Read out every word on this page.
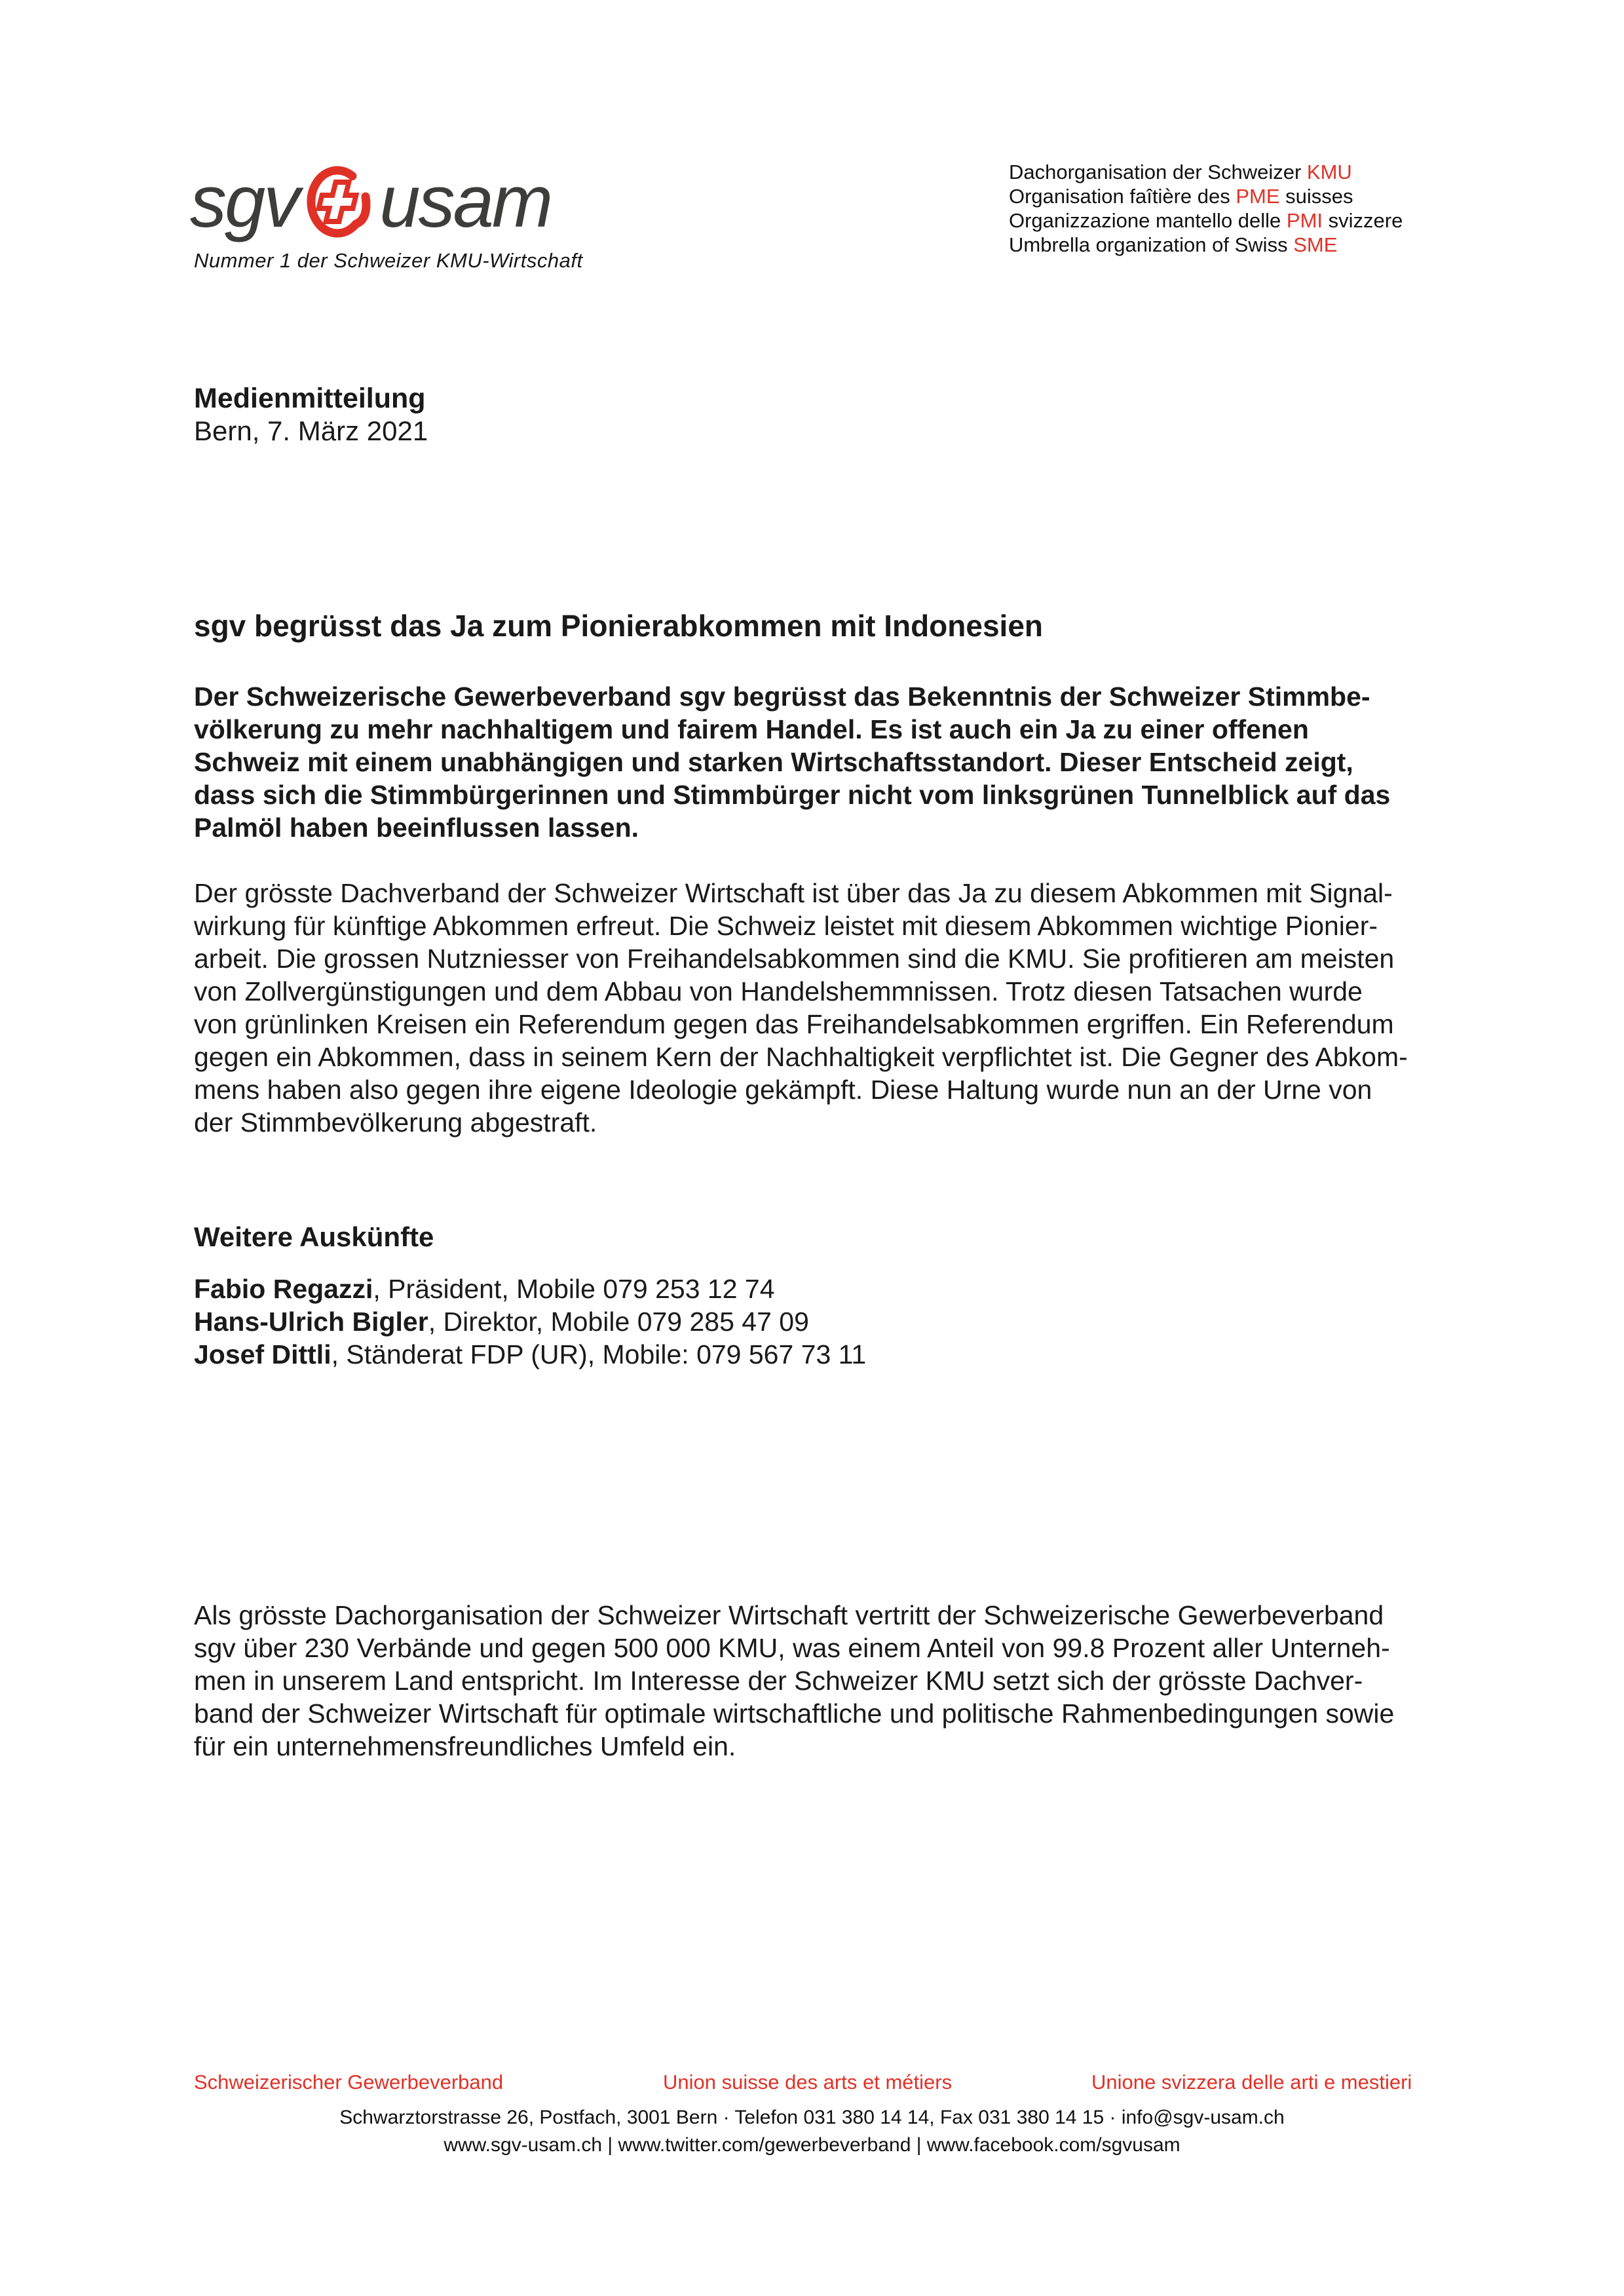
sgv usam
Nummer 1 der Schweizer KMU-Wirtschaft
Dachorganisation der Schweizer KMU
Organisation faîtière des PME suisses
Organizzazione mantello delle PMI svizzere
Umbrella organization of Swiss SME
Medienmitteilung
Bern, 7. März 2021
sgv begrüsst das Ja zum Pionierabkommen mit Indonesien
Der Schweizerische Gewerbeverband sgv begrüsst das Bekenntnis der Schweizer Stimmbe-
völkerung zu mehr nachhaltigem und fairem Handel. Es ist auch ein Ja zu einer offenen
Schweiz mit einem unabhängigen und starken Wirtschaftsstandort. Dieser Entscheid zeigt,
dass sich die Stimmbürgerinnen und Stimmbürger nicht vom linksgrünen Tunnelblick auf das
Palmöl haben beeinflussen lassen.
Der grösste Dachverband der Schweizer Wirtschaft ist über das Ja zu diesem Abkommen mit Signal-
wirkung für künftige Abkommen erfreut. Die Schweiz leistet mit diesem Abkommen wichtige Pionier-
arbeit. Die grossen Nutzniesser von Freihandelsabkommen sind die KMU. Sie profitieren am meisten
von Zollvergünstigungen und dem Abbau von Handelshemmnissen. Trotz diesen Tatsachen wurde
von grünlinken Kreisen ein Referendum gegen das Freihandelsabkommen ergriffen. Ein Referendum
gegen ein Abkommen, dass in seinem Kern der Nachhaltigkeit verpflichtet ist. Die Gegner des Abkom-
mens haben also gegen ihre eigene Ideologie gekämpft. Diese Haltung wurde nun an der Urne von
der Stimmbevölkerung abgestraft.
Weitere Auskünfte
Fabio Regazzi, Präsident, Mobile 079 253 12 74
Hans-Ulrich Bigler, Direktor, Mobile 079 285 47 09
Josef Dittli, Ständerat FDP (UR), Mobile: 079 567 73 11
Als grösste Dachorganisation der Schweizer Wirtschaft vertritt der Schweizerische Gewerbeverband
sgv über 230 Verbände und gegen 500 000 KMU, was einem Anteil von 99.8 Prozent aller Unterneh-
men in unserem Land entspricht. Im Interesse der Schweizer KMU setzt sich der grösste Dachver-
band der Schweizer Wirtschaft für optimale wirtschaftliche und politische Rahmenbedingungen sowie
für ein unternehmensfreundliches Umfeld ein.
Schweizerischer Gewerbeverband	Union suisse des arts et métiers	Unione svizzera delle arti e mestieri
Schwarztorstrasse 26, Postfach, 3001 Bern · Telefon 031 380 14 14, Fax 031 380 14 15 · info@sgv-usam.ch
www.sgv-usam.ch | www.twitter.com/gewerbeverband | www.facebook.com/sgvusam
